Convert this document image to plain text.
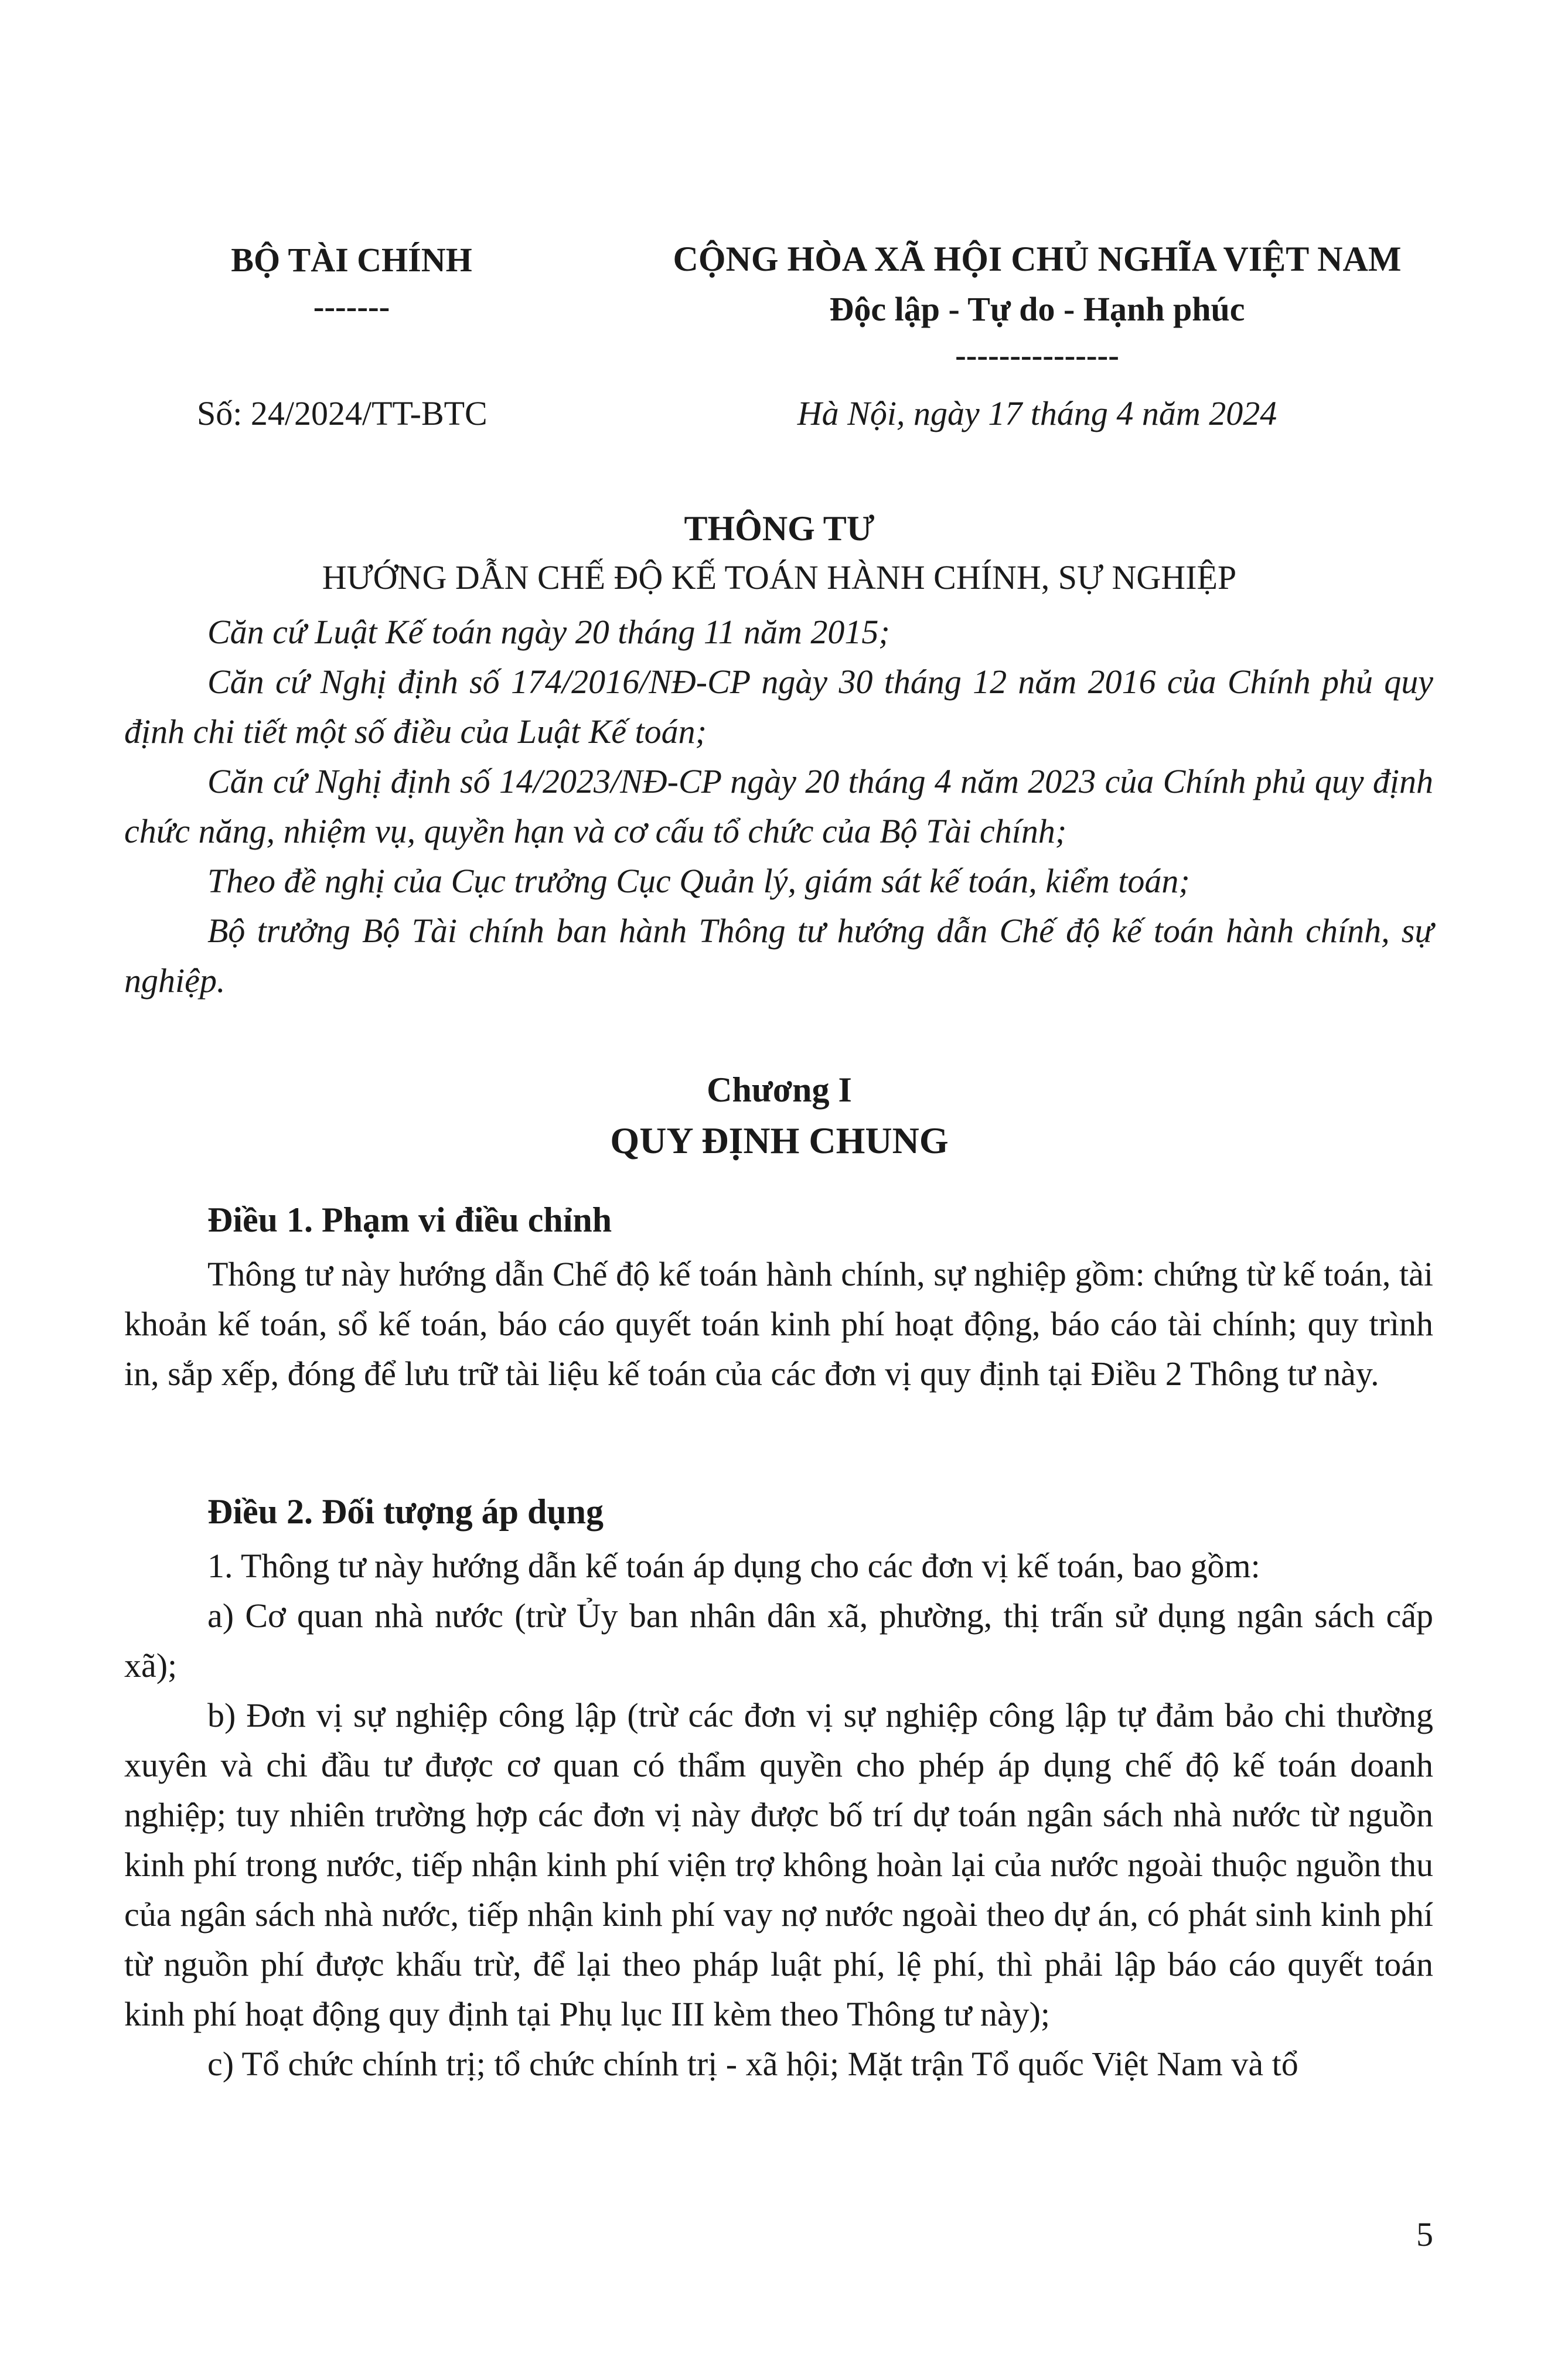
BỘ TÀI CHÍNH
-------
CỘNG HÒA XÃ HỘI CHỦ NGHĨA VIỆT NAM
Độc lập - Tự do - Hạnh phúc
---------------
Số: 24/2024/TT-BTC	Hà Nội, ngày 17 tháng 4 năm 2024
THÔNG TƯ
HƯỚNG DẪN CHẾ ĐỘ KẾ TOÁN HÀNH CHÍNH, SỰ NGHIỆP

Căn cứ Luật Kế toán ngày 20 tháng 11 năm 2015;

Căn cứ Nghị định số 174/2016/NĐ-CP ngày 30 tháng 12 năm 2016 của Chính phủ quy định chi tiết một số điều của Luật Kế toán;

Căn cứ Nghị định số 14/2023/NĐ-CP ngày 20 tháng 4 năm 2023 của Chính phủ quy định chức năng, nhiệm vụ, quyền hạn và cơ cấu tổ chức của Bộ Tài chính;

Theo đề nghị của Cục trưởng Cục Quản lý, giám sát kế toán, kiểm toán;

Bộ trưởng Bộ Tài chính ban hành Thông tư hướng dẫn Chế độ kế toán hành chính, sự nghiệp.

Chương I
QUY ĐỊNH CHUNG
Điều 1. Phạm vi điều chỉnh

Thông tư này hướng dẫn Chế độ kế toán hành chính, sự nghiệp gồm: chứng từ kế toán, tài khoản kế toán, sổ kế toán, báo cáo quyết toán kinh phí hoạt động, báo cáo tài chính; quy trình in, sắp xếp, đóng để lưu trữ tài liệu kế toán của các đơn vị quy định tại Điều 2 Thông tư này.

Điều 2. Đối tượng áp dụng

1. Thông tư này hướng dẫn kế toán áp dụng cho các đơn vị kế toán, bao gồm:

a) Cơ quan nhà nước (trừ Ủy ban nhân dân xã, phường, thị trấn sử dụng ngân sách cấp xã);

b) Đơn vị sự nghiệp công lập (trừ các đơn vị sự nghiệp công lập tự đảm bảo chi thường xuyên và chi đầu tư được cơ quan có thẩm quyền cho phép áp dụng chế độ kế toán doanh nghiệp; tuy nhiên trường hợp các đơn vị này được bố trí dự toán ngân sách nhà nước từ nguồn kinh phí trong nước, tiếp nhận kinh phí viện trợ không hoàn lại của nước ngoài thuộc nguồn thu của ngân sách nhà nước, tiếp nhận kinh phí vay nợ nước ngoài theo dự án, có phát sinh kinh phí từ nguồn phí được khấu trừ, để lại theo pháp luật phí, lệ phí, thì phải lập báo cáo quyết toán kinh phí hoạt động quy định tại Phụ lục III kèm theo Thông tư này);

c) Tổ chức chính trị; tổ chức chính trị - xã hội; Mặt trận Tổ quốc Việt Nam và tổ

5
